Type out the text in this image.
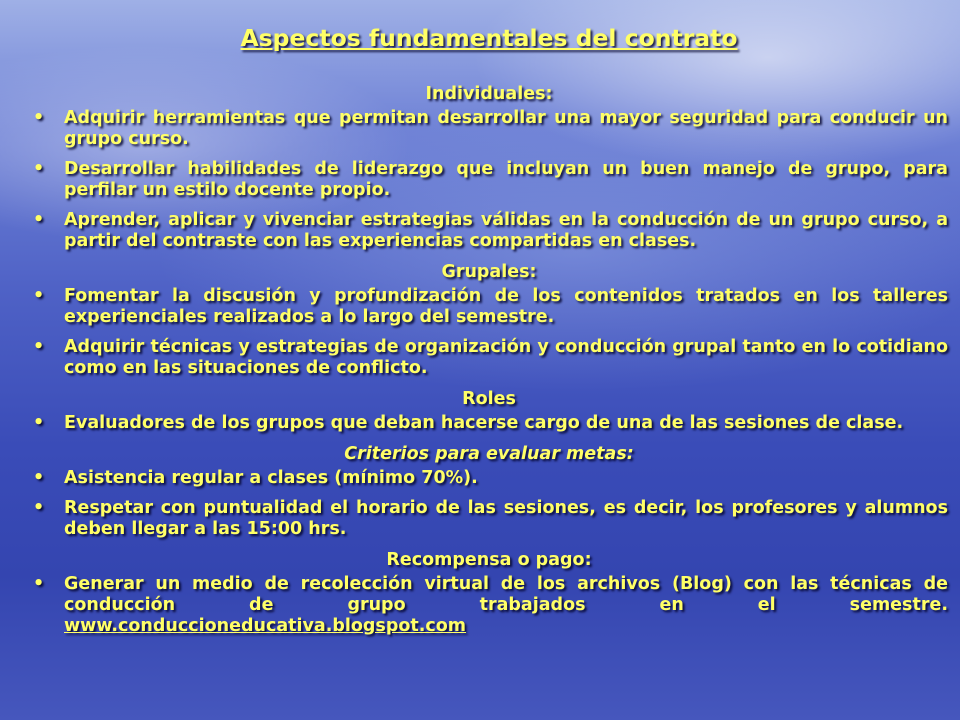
Aspectos fundamentales del contrato
Individuales:
• Adquirir herramientas que permitan desarrollar una mayor seguridad para conducir un grupo curso.
• Desarrollar habilidades de liderazgo que incluyan un buen manejo de grupo, para perfilar un estilo docente propio.
• Aprender, aplicar y vivenciar estrategias válidas en la conducción de un grupo curso, a partir del contraste con las experiencias compartidas en clases.
Grupales:
• Fomentar la discusión y profundización de los contenidos tratados en los talleres experienciales realizados a lo largo del semestre.
• Adquirir técnicas y estrategias de organización y conducción grupal tanto en lo cotidiano como en las situaciones de conflicto.
Roles
• Evaluadores de los grupos que deban hacerse cargo de una de las sesiones de clase.
Criterios para evaluar metas:
• Asistencia regular a clases (mínimo 70%).
• Respetar con puntualidad el horario de las sesiones, es decir, los profesores y alumnos deben llegar a las 15:00 hrs.
Recompensa o pago:
• Generar un medio de recolección virtual de los archivos (Blog) con las técnicas de conducción de grupo trabajados en el semestre. www.conduccioneducativa.blogspot.com
